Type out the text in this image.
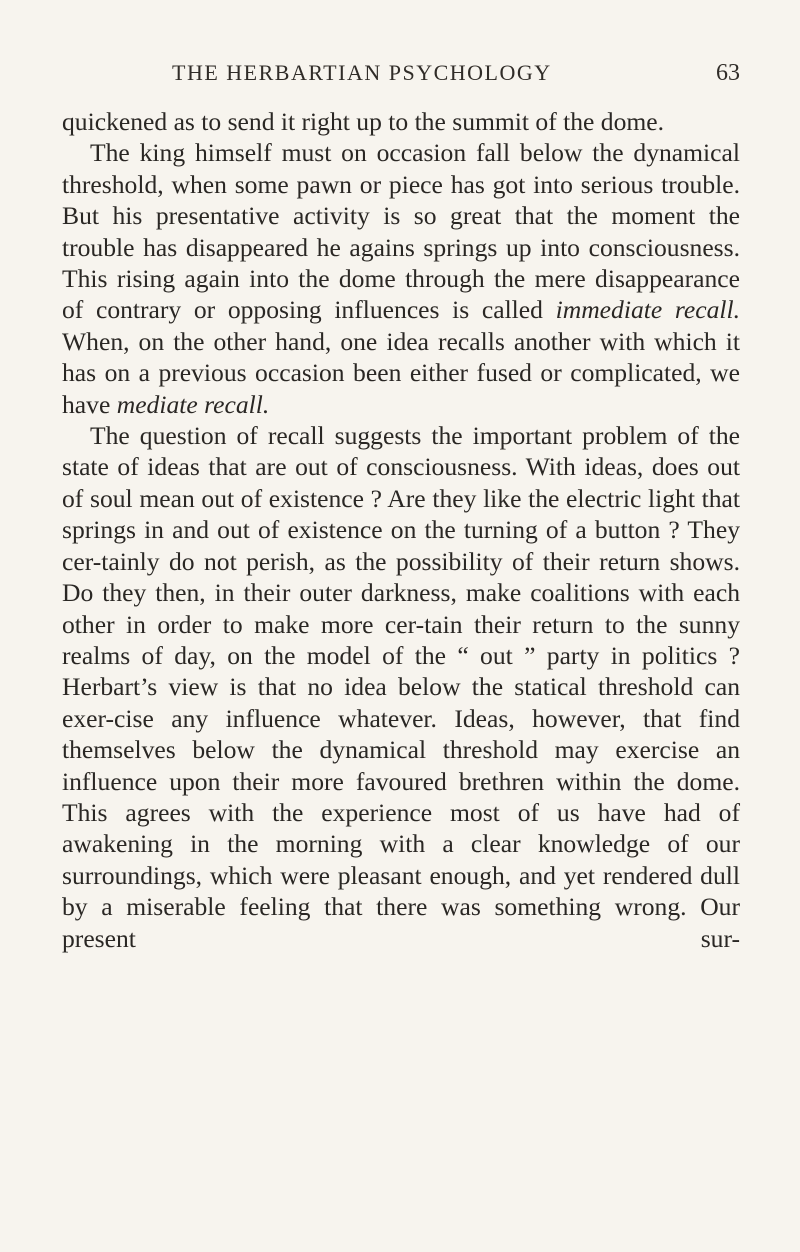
THE HERBARTIAN PSYCHOLOGY	63

quickened as to send it right up to the summit of the dome.

The king himself must on occasion fall below the dynamical threshold, when some pawn or piece has got into serious trouble. But his presentative activity is so great that the moment the trouble has disappeared he agains springs up into consciousness. This rising again into the dome through the mere disappearance of contrary or opposing influences is called immediate recall. When, on the other hand, one idea recalls another with which it has on a previous occasion been either fused or complicated, we have mediate recall.

The question of recall suggests the important problem of the state of ideas that are out of consciousness. With ideas, does out of soul mean out of existence ? Are they like the electric light that springs in and out of existence on the turning of a button ? They cer-tainly do not perish, as the possibility of their return shows. Do they then, in their outer darkness, make coalitions with each other in order to make more cer-tain their return to the sunny realms of day, on the model of the “ out ” party in politics ? Herbart’s view is that no idea below the statical threshold can exer-cise any influence whatever. Ideas, however, that find themselves below the dynamical threshold may exercise an influence upon their more favoured brethren within the dome. This agrees with the experience most of us have had of awakening in the morning with a clear knowledge of our surroundings, which were pleasant enough, and yet rendered dull by a miserable feeling that there was something wrong. Our present sur-
